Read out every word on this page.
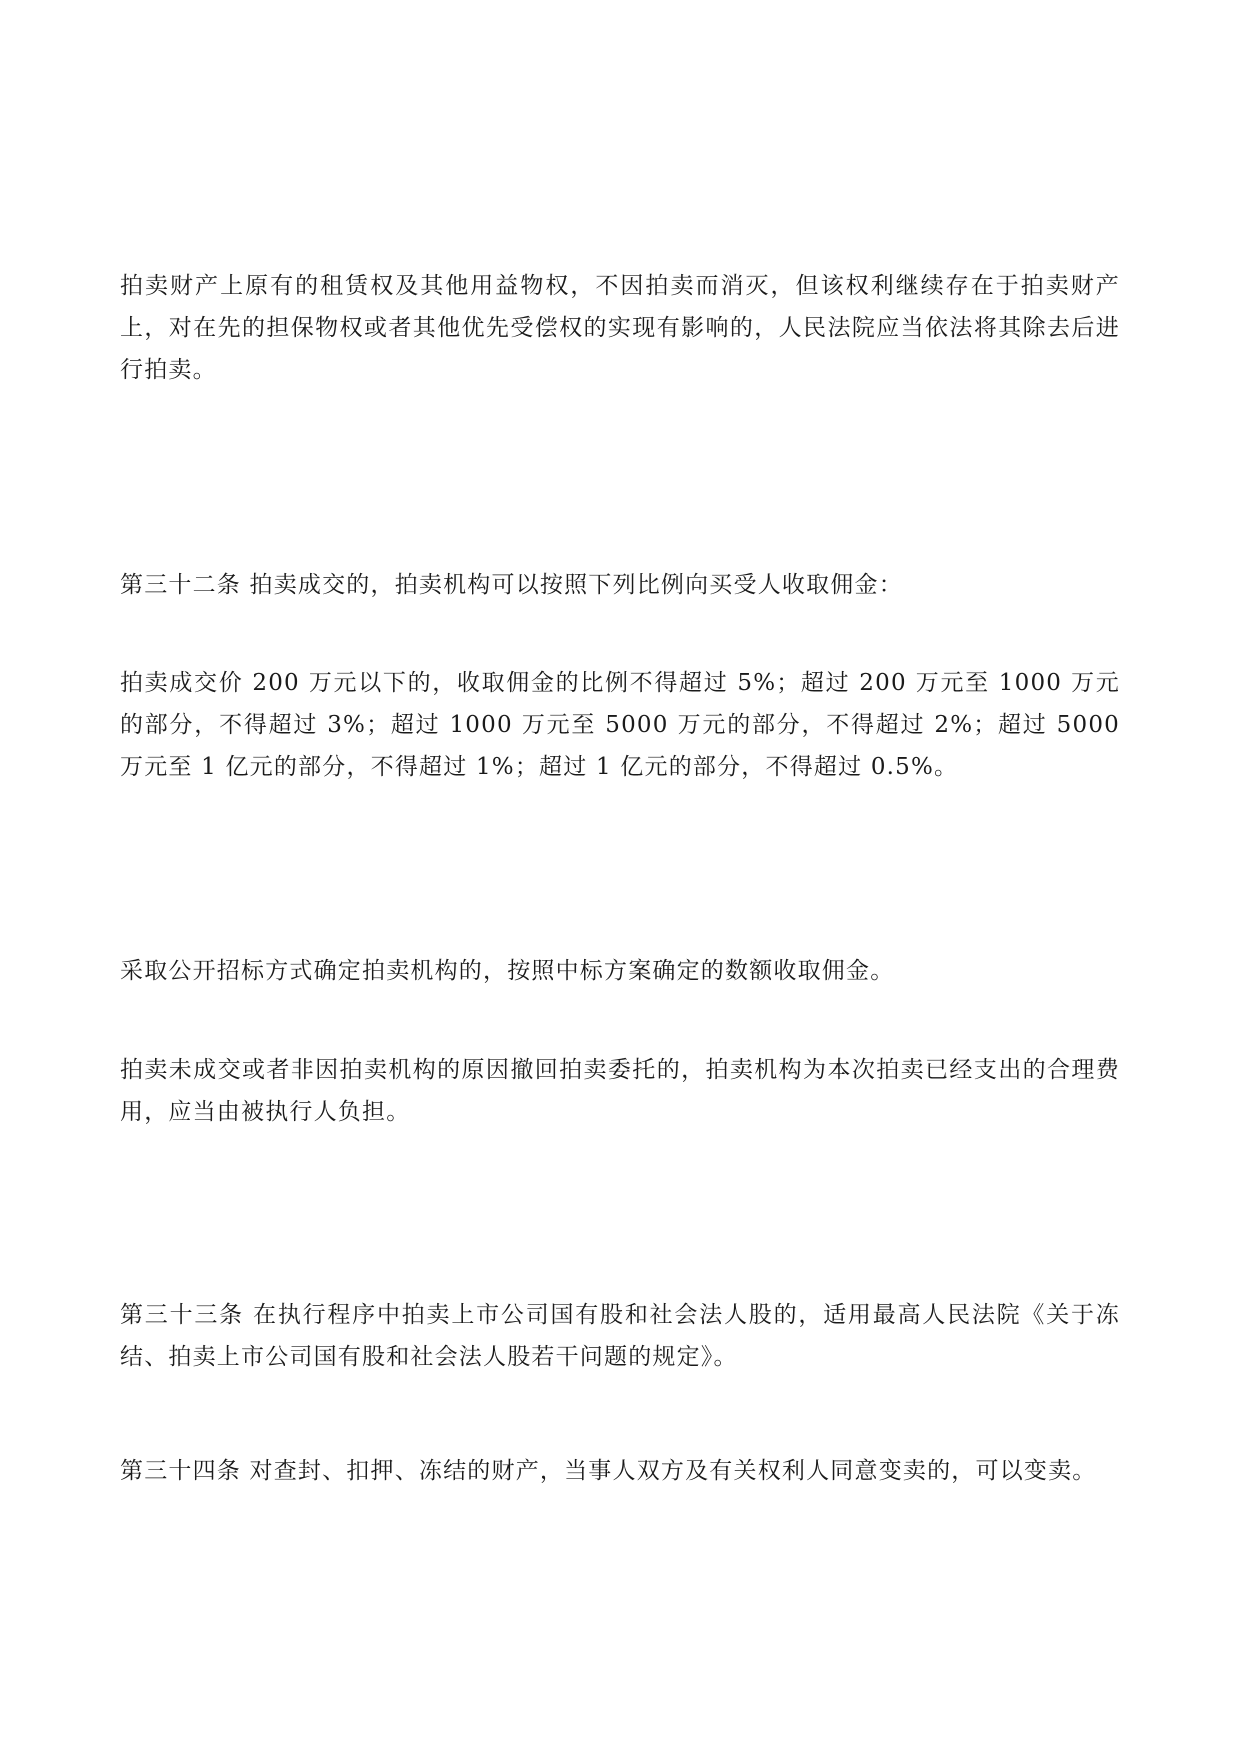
拍卖财产上原有的租赁权及其他用益物权，不因拍卖而消灭，但该权利继续存在于拍卖财产上，对在先的担保物权或者其他优先受偿权的实现有影响的，人民法院应当依法将其除去后进行拍卖。

第三十二条 拍卖成交的，拍卖机构可以按照下列比例向买受人收取佣金：

拍卖成交价 200 万元以下的，收取佣金的比例不得超过 5%；超过 200 万元至 1000 万元的部分，不得超过 3%；超过 1000 万元至 5000 万元的部分，不得超过 2%；超过 5000 万元至 1 亿元的部分，不得超过 1%；超过 1 亿元的部分，不得超过 0.5%。

采取公开招标方式确定拍卖机构的，按照中标方案确定的数额收取佣金。

拍卖未成交或者非因拍卖机构的原因撤回拍卖委托的，拍卖机构为本次拍卖已经支出的合理费用，应当由被执行人负担。

第三十三条 在执行程序中拍卖上市公司国有股和社会法人股的，适用最高人民法院《关于冻结、拍卖上市公司国有股和社会法人股若干问题的规定》。

第三十四条 对查封、扣押、冻结的财产，当事人双方及有关权利人同意变卖的，可以变卖。
